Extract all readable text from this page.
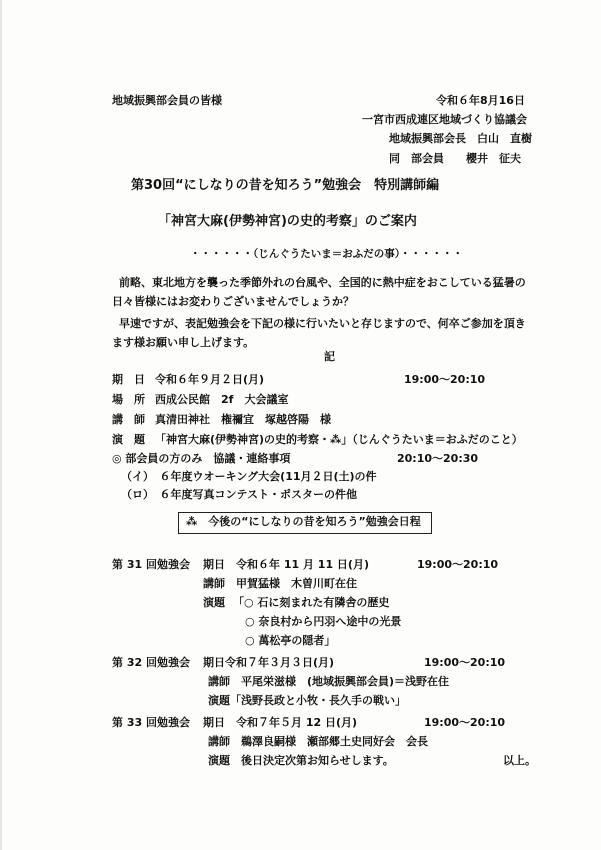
地域振興部会員の皆様	令和６年8月16日
一宮市西成連区地域づくり協議会
地域振興部会長　白山　直樹
同　部会員　　櫻井　征夫
第30回“にしなりの昔を知ろう”勉強会　特別講師編
「神宮大麻(伊勢神宮)の史的考察」のご案内
・・・・・・（じんぐうたいま＝おふだの事）・・・・・・
前略、東北地方を襲った季節外れの台風や、全国的に熱中症をおこしている猛暑の
日々皆様にはお変わりございませんでしょうか？
早速ですが、表記勉強会を下記の様に行いたいと存じますので、何卒ご参加を頂き
ます様お願い申し上げます。
記
期　日 令和６年９月２日(月)	19:00～20:10
場　所 西成公民館　2f　大会議室
講　師 真清田神社　権禰宜　塚越啓陽　様
演　題 「神宮大麻(伊勢神宮)の史的考察・⁂」（じんぐうたいま＝おふだのこと）
◎ 部会員の方のみ　協議・連絡事項	20:10～20:30
（イ）　６年度ウオーキング大会(11月２日(土)の件
（ロ）　６年度写真コンテスト・ポスターの件他
⁂　今後の“にしなりの昔を知ろう”勉強会日程
第 31 回勉強会 期日　令和６年 11 月 11 日(月)	19:00～20:10
講師　甲賀猛様　木曽川町在住
演題 「○ 石に刻まれた有隣舎の歴史
○ 奈良村から円羽へ途中の光景
○ 萬松亭の隠者」
第 32 回勉強会 期日令和７年３月３日(月)	19:00～20:10
講師　平尾栄滋様　(地域振興部会員)＝浅野在住
演題「浅野長政と小牧・長久手の戦い」
第 33 回勉強会 期日　令和７年５月 12 日(月)	19:00～20:10
講師　鵜澤良嗣様　瀬部郷土史同好会　会長
演題　後日決定次第お知らせします。	以上。
